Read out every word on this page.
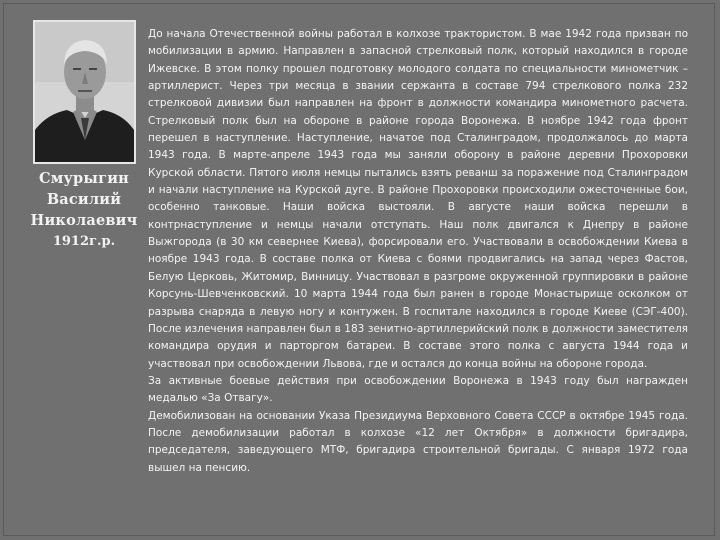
Смурыгин
Василий
Николаевич
1912г.р.

До начала Отечественной войны работал в колхозе трактористом. В мае 1942 года призван по мобилизации в армию. Направлен в запасной стрелковый полк, который находился в городе Ижевске. В этом полку прошел подготовку молодого солдата по специальности минометчик – артиллерист. Через три месяца в звании сержанта в составе 794 стрелкового полка 232 стрелковой дивизии был направлен на фронт в должности командира минометного расчета. Стрелковый полк был на обороне в районе города Воронежа. В ноябре 1942 года фронт перешел в наступление. Наступление, начатое под Сталинградом, продолжалось до марта 1943 года. В марте-апреле 1943 года мы заняли оборону в районе деревни Прохоровки Курской области. Пятого июля немцы пытались взять реванш за поражение под Сталинградом и начали наступление на Курской дуге. В районе Прохоровки происходили ожесточенные бои, особенно танковые. Наши войска выстояли. В августе наши войска перешли в контрнаступление и немцы начали отступать. Наш полк двигался к Днепру в районе Выжгорода (в 30 км севернее Киева), форсировали его. Участвовали в освобождении Киева в ноябре 1943 года. В составе полка от Киева с боями продвигались на запад через Фастов, Белую Церковь, Житомир, Винницу. Участвовал в разгроме окруженной группировки в районе Корсунь-Шевченковский. 10 марта 1944 года был ранен в городе Монастырище осколком от разрыва снаряда в левую ногу и контужен. В госпитале находился в городе Киеве (СЭГ-400). После излечения направлен был в 183 зенитно-артиллерийский полк в должности заместителя командира орудия и парторгом батареи. В составе этого полка с августа 1944 года и участвовал при освобождении Львова, где и остался до конца войны на обороне города.

За активные боевые действия при освобождении Воронежа в 1943 году был награжден медалью «За Отвагу».

Демобилизован на основании Указа Президиума Верховного Совета СССР в октябре 1945 года. После демобилизации работал в колхозе «12 лет Октября» в должности бригадира, председателя, заведующего МТФ, бригадира строительной бригады. С января 1972 года вышел на пенсию.
